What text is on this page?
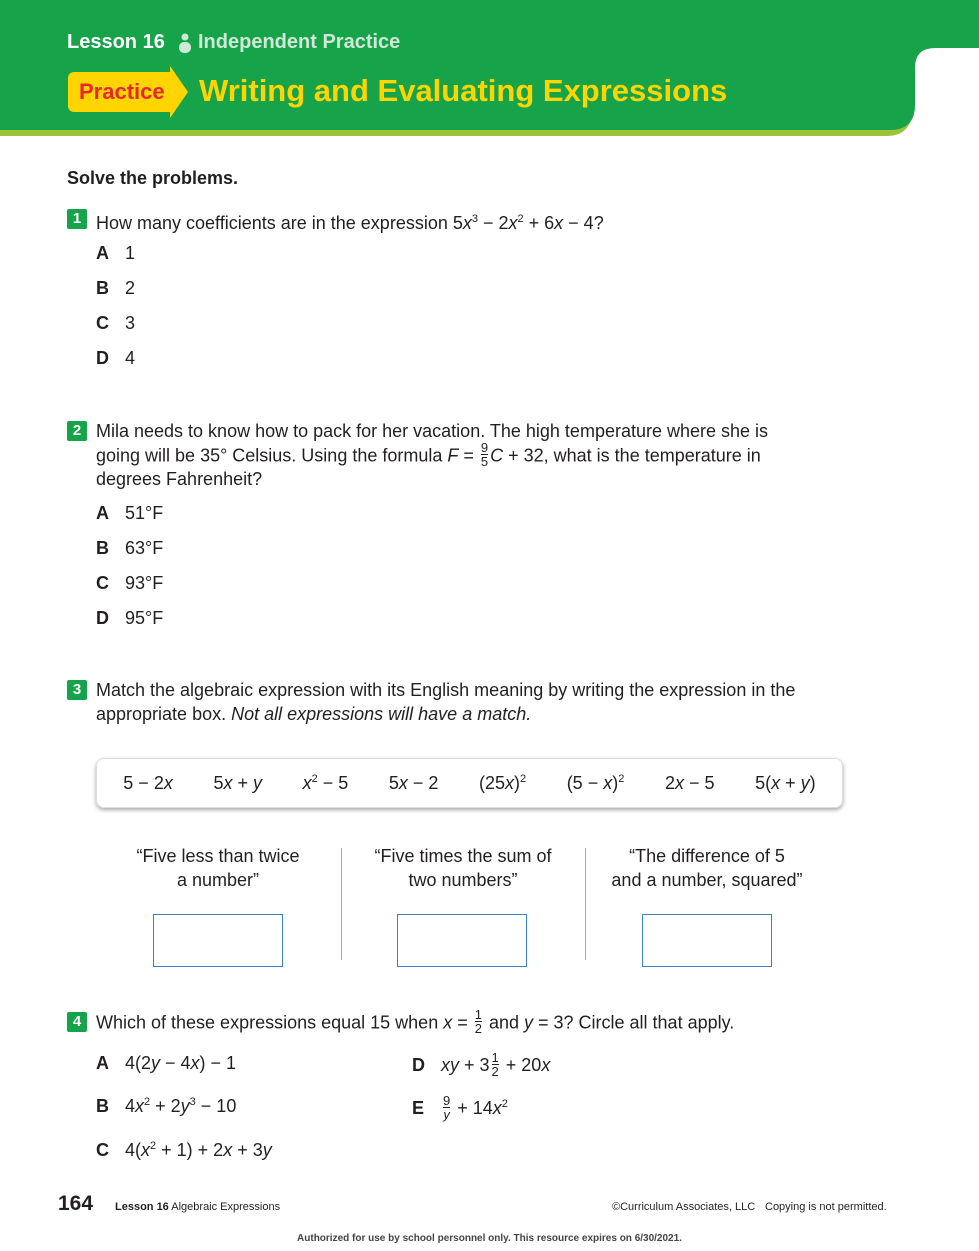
Lesson 16 Independent Practice
Practice Writing and Evaluating Expressions
Solve the problems.
1 How many coefficients are in the expression $5x^3 - 2x^2 + 6x - 4$?
A 1
B 2
C 3
D 4
2 Mila needs to know how to pack for her vacation. The high temperature where she is
going will be 35° Celsius. Using the formula $F = \frac{9}{5}$ C + 32, what is the temperature in
degrees Fahrenheit?
A 51°F
B 63°F
C 93°F
D 95°F
3 Match the algebraic expression with its English meaning by writing the expression in the
appropriate box. Not all expressions will have a match.
5 − 2x 5x + y $x^2 - 5$ 5x − 2 $(25x)^2$ $(5 - x)^2$ 2x − 5 5(x + y)
“Five less than twice
a number”
“Five times the sum of
two numbers”
“The difference of 5
and a number, squared”
4 Which of these expressions equal 15 when $x = \frac{1}{2}$ and y = 3? Circle all that apply.
A 4(2y − 4x) − 1
B $4x^2 + 2y^3 - 10$
C $4(x^2 + 1) + 2x + 3y$
D xy + $3 \frac{1}{2} + 20x$
E $\frac{9}{y} + 14x^2$
164 Lesson 16 Algebraic Expressions	©Curriculum Associates, LLC Copying is not permitted.
Authorized for use by school personnel only. This resource expires on 6/30/2021.
